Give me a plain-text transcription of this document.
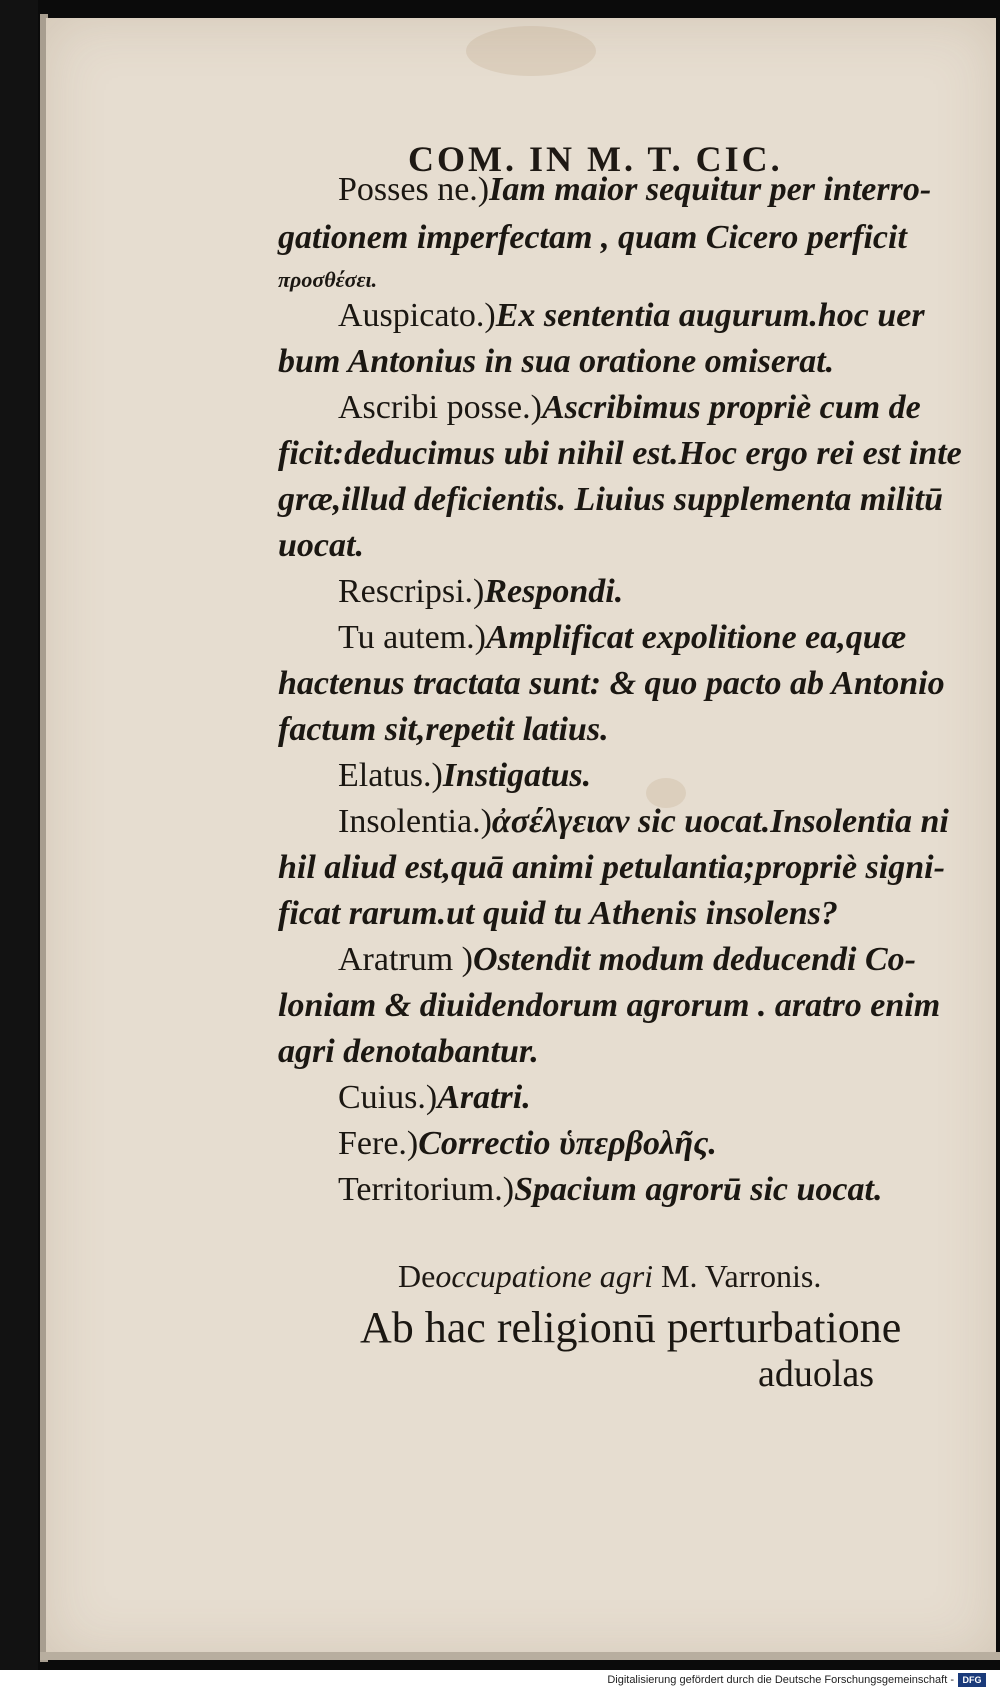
COM. IN M. T. CIC.
Posses ne.)Iam maior sequitur per interro-
gationem imperfectam , quam Cicero perficit
προσθέσει.
Auspicato.)Ex sententia augurum.hoc uer
bum Antonius in sua oratione omiserat.
Ascribi posse.)Ascribimus propriè cum de
ficit:deducimus ubi nihil est.Hoc ergo rei est inte
græ,illud deficientis. Liuius supplementa militū
uocat.
Rescripsi.)Respondi.
Tu autem.)Amplificat expolitione ea,quæ
hactenus tractata sunt: & quo pacto ab Antonio
factum sit,repetit latius.
Elatus.)Instigatus.
Insolentia.)ἀσέλγειαν sic uocat.Insolentia ni
hil aliud est,quā animi petulantia;propriè signi-
ficat rarum.ut quid tu Athenis insolens?
Aratrum )Ostendit modum deducendi Co-
loniam & diuidendorum agrorum . aratro enim
agri denotabantur.
Cuius.)Aratri.
Fere.)Correctio ὑπερβολῆς.
Territorium.)Spacium agrorū sic uocat.
Deoccupatione agri M. Varronis.
Ab hac religionū perturbatione
aduolas
Digitalisierung gefördert durch die Deutsche Forschungsgemeinschaft - DFG
